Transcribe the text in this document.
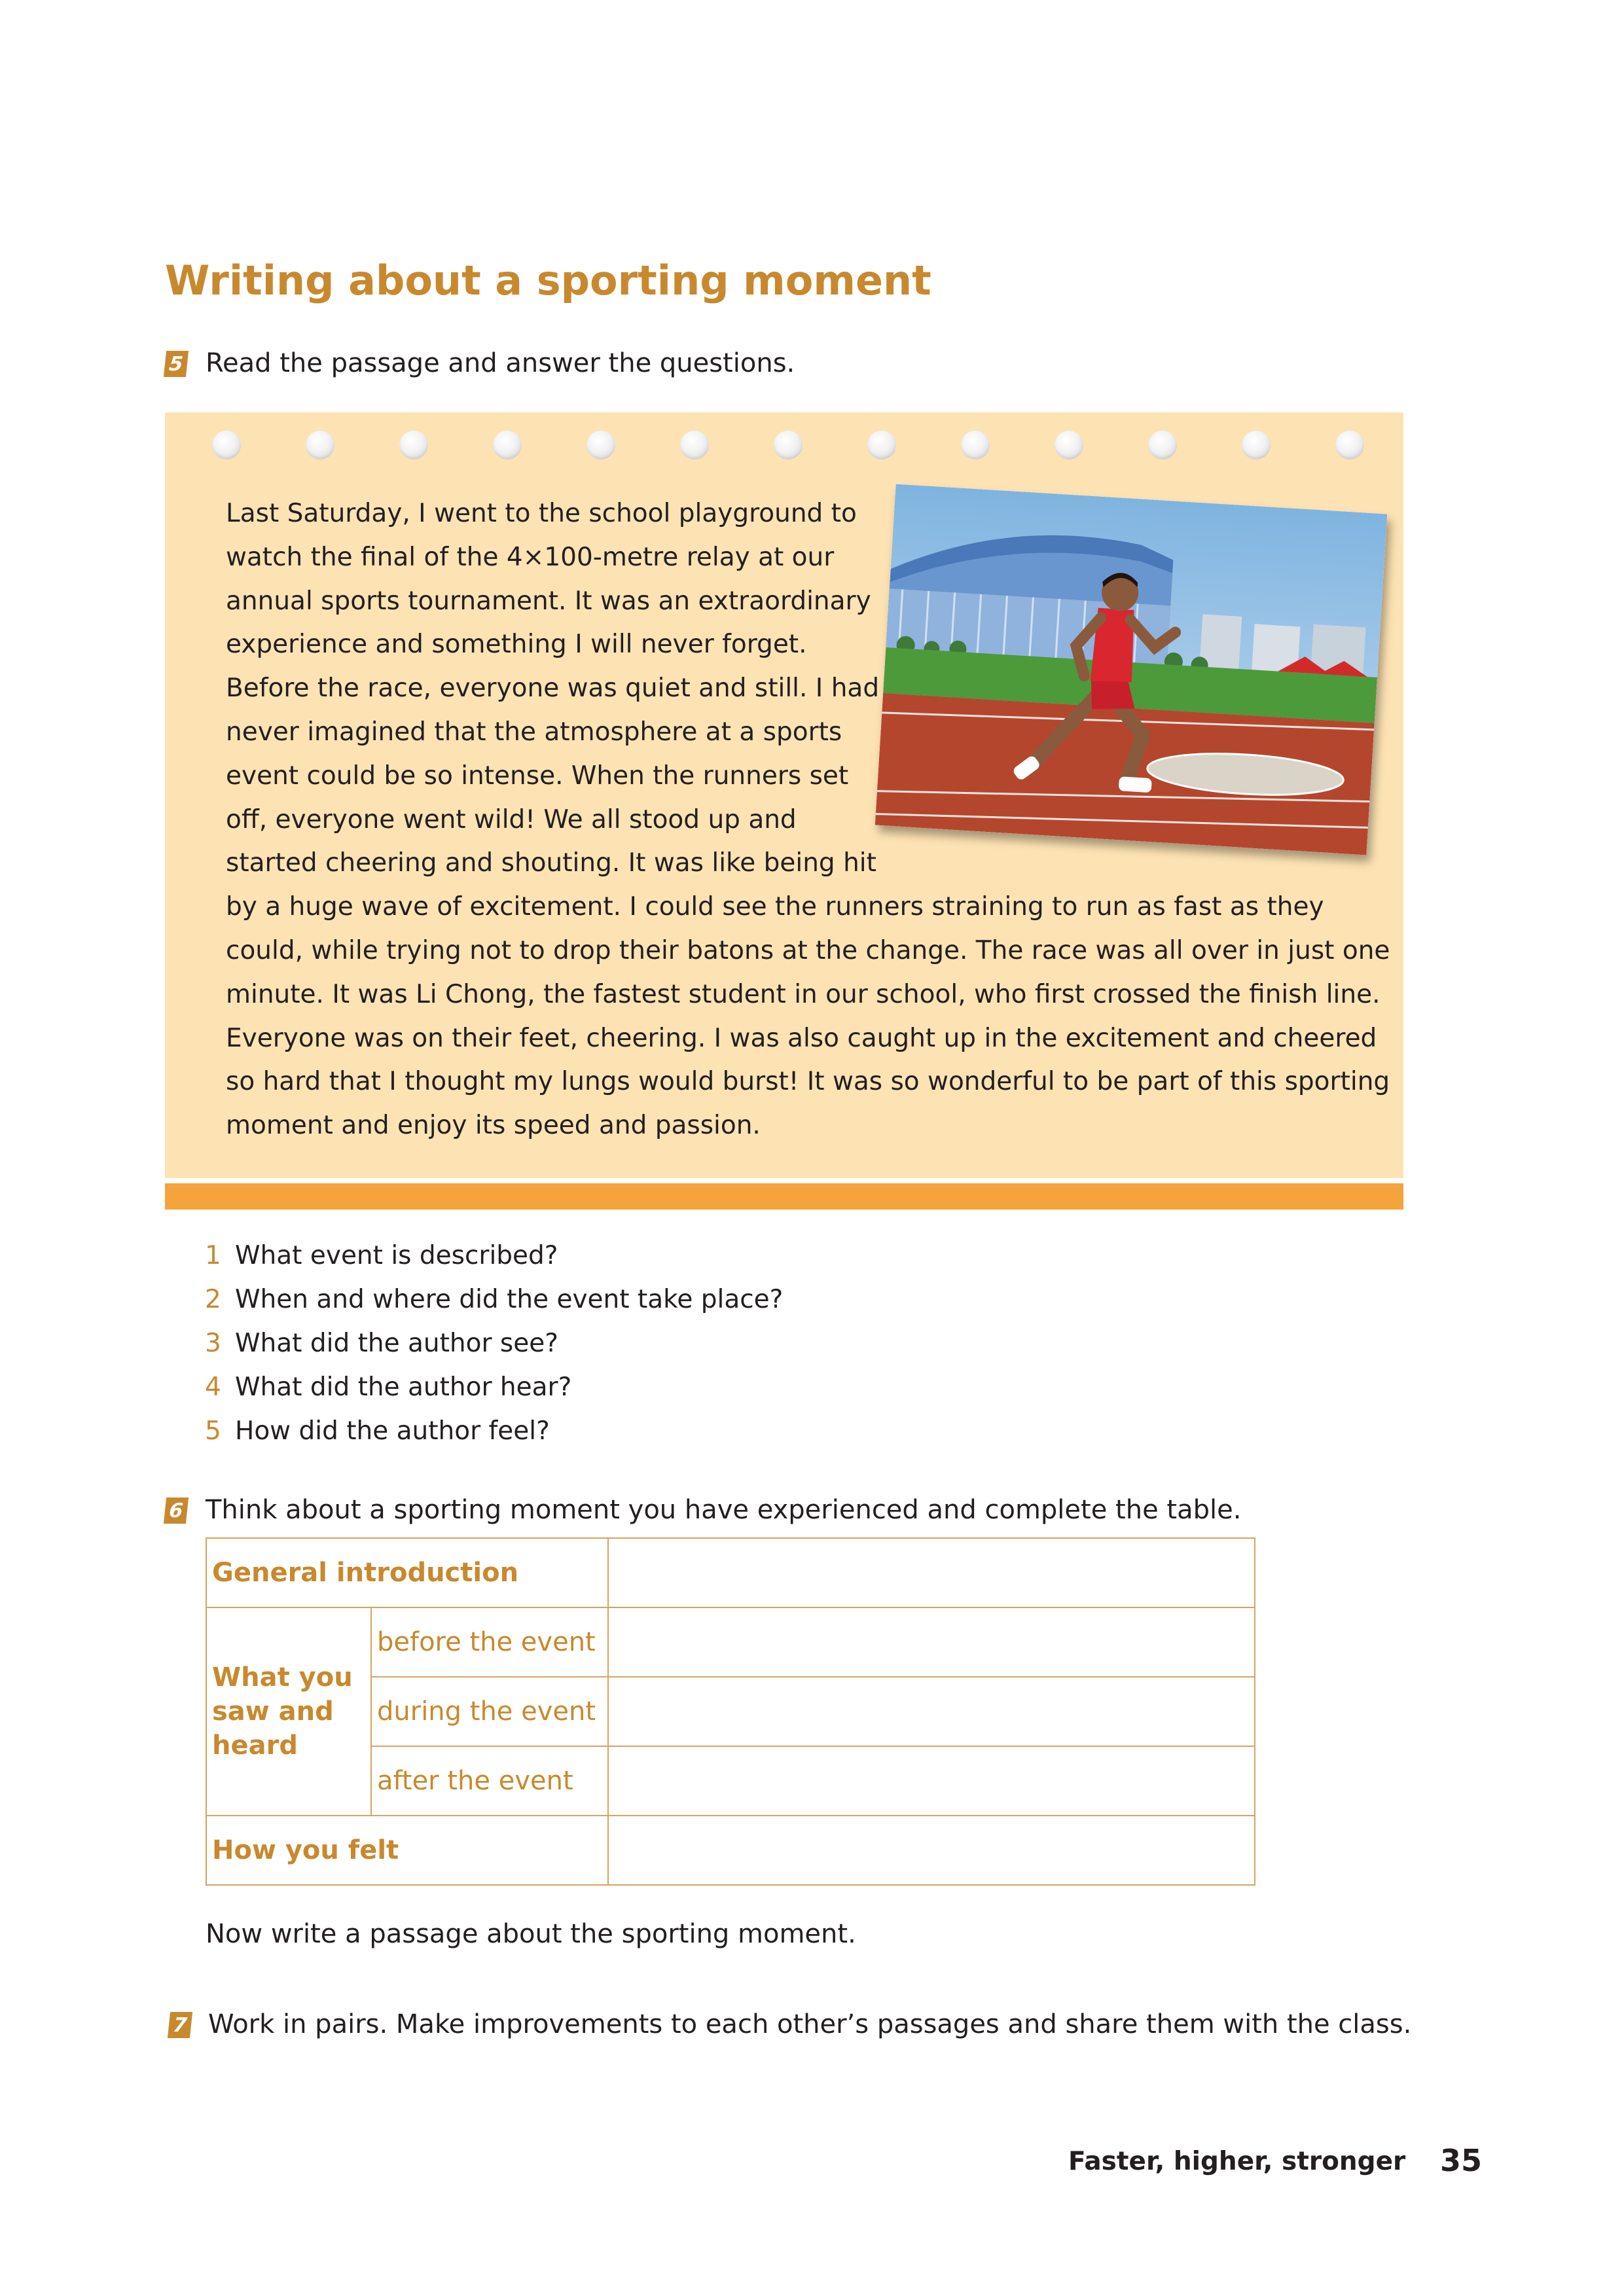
Writing about a sporting moment
5 Read the passage and answer the questions.
Last Saturday, I went to the school playground to
watch the final of the 4×100-metre relay at our
annual sports tournament. It was an extraordinary
experience and something I will never forget.
Before the race, everyone was quiet and still. I had
never imagined that the atmosphere at a sports
event could be so intense. When the runners set
off, everyone went wild! We all stood up and
started cheering and shouting. It was like being hit
by a huge wave of excitement. I could see the runners straining to run as fast as they
could, while trying not to drop their batons at the change. The race was all over in just one
minute. It was Li Chong, the fastest student in our school, who first crossed the finish line.
Everyone was on their feet, cheering. I was also caught up in the excitement and cheered
so hard that I thought my lungs would burst! It was so wonderful to be part of this sporting
moment and enjoy its speed and passion.
1 What event is described?
2 When and where did the event take place?
3 What did the author see?
4 What did the author hear?
5 How did the author feel?
6 Think about a sporting moment you have experienced and complete the table.
General introduction		
What you saw and heard	before the event	
	during the event	
	after the event	
How you felt		
Now write a passage about the sporting moment.
7 Work in pairs. Make improvements to each other’s passages and share them with the class.
Faster, higher, stronger 35
